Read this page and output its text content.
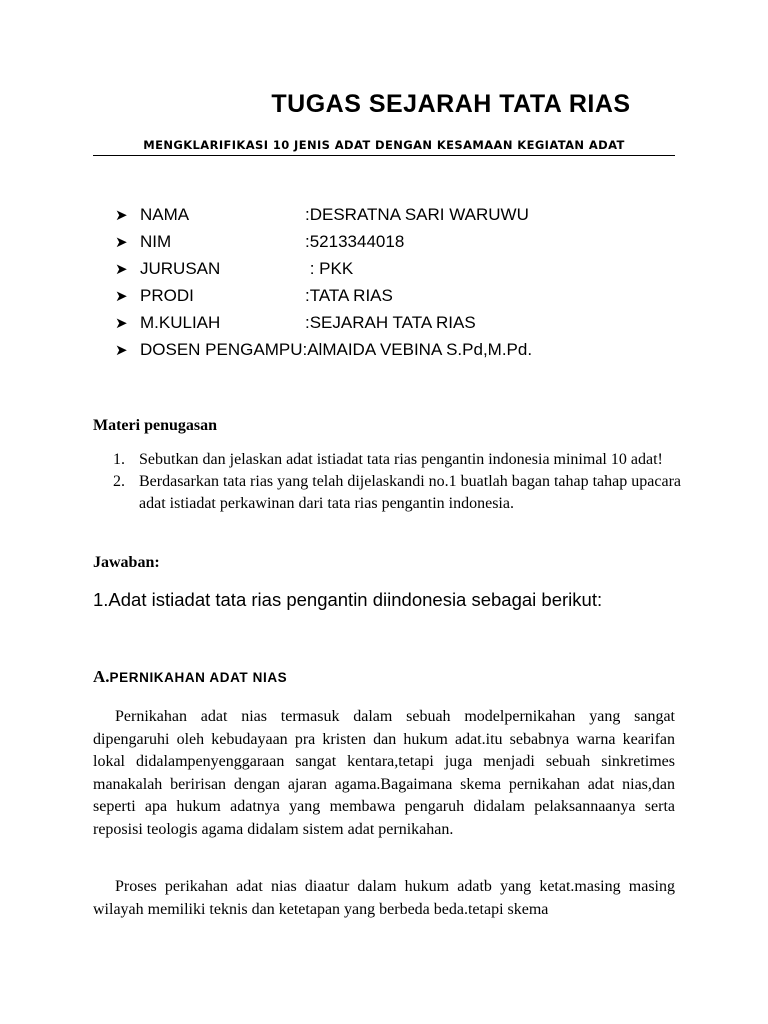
TUGAS SEJARAH TATA RIAS
MENGKLARIFIKASI 10 JENIS ADAT DENGAN KESAMAAN KEGIATAN ADAT
➤ NAMA	:DESRATNA SARI WARUWU
➤ NIM	:5213344018
➤ JURUSAN	: PKK
➤ PRODI	:TATA RIAS
➤ M.KULIAH	:SEJARAH TATA RIAS
➤ DOSEN PENGAMPU:AlMAIDA VEBINA S.Pd,M.Pd.
Materi penugasan
1. Sebutkan dan jelaskan adat istiadat tata rias pengantin indonesia minimal 10 adat!
2. Berdasarkan tata rias yang telah dijelaskandi no.1 buatlah bagan tahap tahap upacara adat istiadat perkawinan dari tata rias pengantin indonesia.
Jawaban:
1.Adat istiadat tata rias pengantin diindonesia sebagai berikut:
A.PERNIKAHAN ADAT NIAS

Pernikahan adat nias termasuk dalam sebuah modelpernikahan yang sangat dipengaruhi oleh kebudayaan pra kristen dan hukum adat.itu sebabnya warna kearifan lokal didalampenyenggaraan sangat kentara,tetapi juga menjadi sebuah sinkretimes manakalah beririsan dengan ajaran agama.Bagaimana skema pernikahan adat nias,dan seperti apa hukum adatnya yang membawa pengaruh didalam pelaksannaanya serta reposisi teologis agama didalam sistem adat pernikahan.

Proses perikahan adat nias diaatur dalam hukum adatb yang ketat.masing masing wilayah memiliki teknis dan ketetapan yang berbeda beda.tetapi skema
